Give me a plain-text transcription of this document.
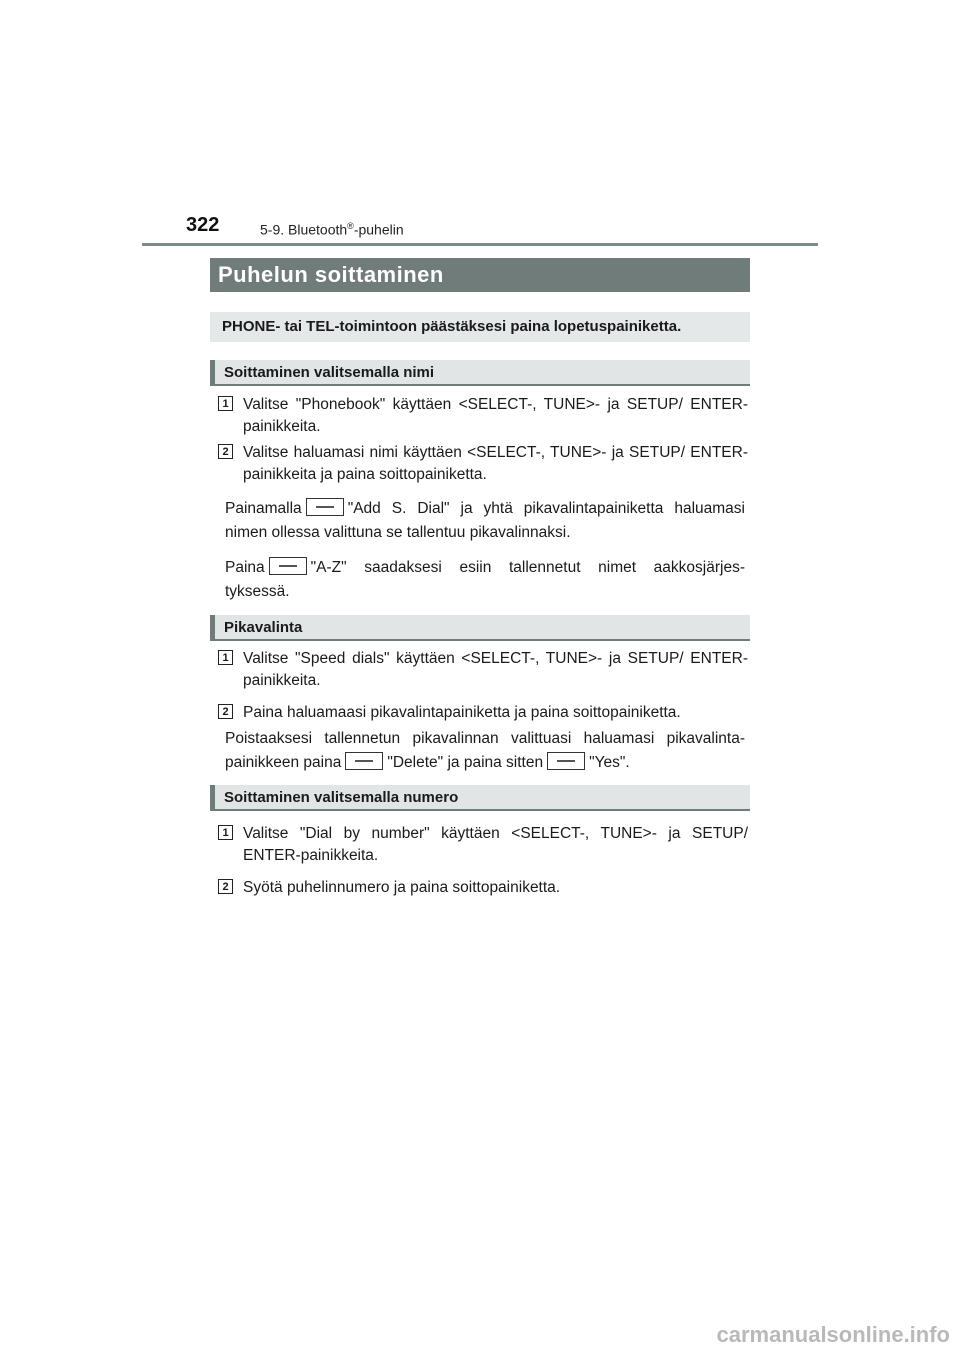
322	5-9. Bluetooth®-puhelin
Puhelun soittaminen
PHONE- tai TEL-toimintoon päästäksesi paina lopetuspainiketta.
Soittaminen valitsemalla nimi
1 Valitse "Phonebook" käyttäen <SELECT-, TUNE>- ja SETUP/ ENTER-painikkeita.
2 Valitse haluamasi nimi käyttäen <SELECT-, TUNE>- ja SETUP/ ENTER-painikkeita ja paina soittopainiketta.
Painamalla	"Add S. Dial" ja yhtä pikavalintapainiketta haluamasi nimen ollessa valittuna se tallentuu pikavalinnaksi.
Paina	"A-Z" saadaksesi esiin tallennetut nimet aakkosjärjes- tyksessä.
Pikavalinta
1 Valitse "Speed dials" käyttäen <SELECT-, TUNE>- ja SETUP/ ENTER-painikkeita.
2 Paina haluamaasi pikavalintapainiketta ja paina soittopainiketta.
Poistaaksesi tallennetun pikavalinnan valittuasi haluamasi pikavalinta- painikkeen paina	"Delete" ja paina sitten	"Yes".
Soittaminen valitsemalla numero
1 Valitse "Dial by number" käyttäen <SELECT-, TUNE>- ja SETUP/ ENTER-painikkeita.
2 Syötä puhelinnumero ja paina soittopainiketta.
carmanualsonline.info
